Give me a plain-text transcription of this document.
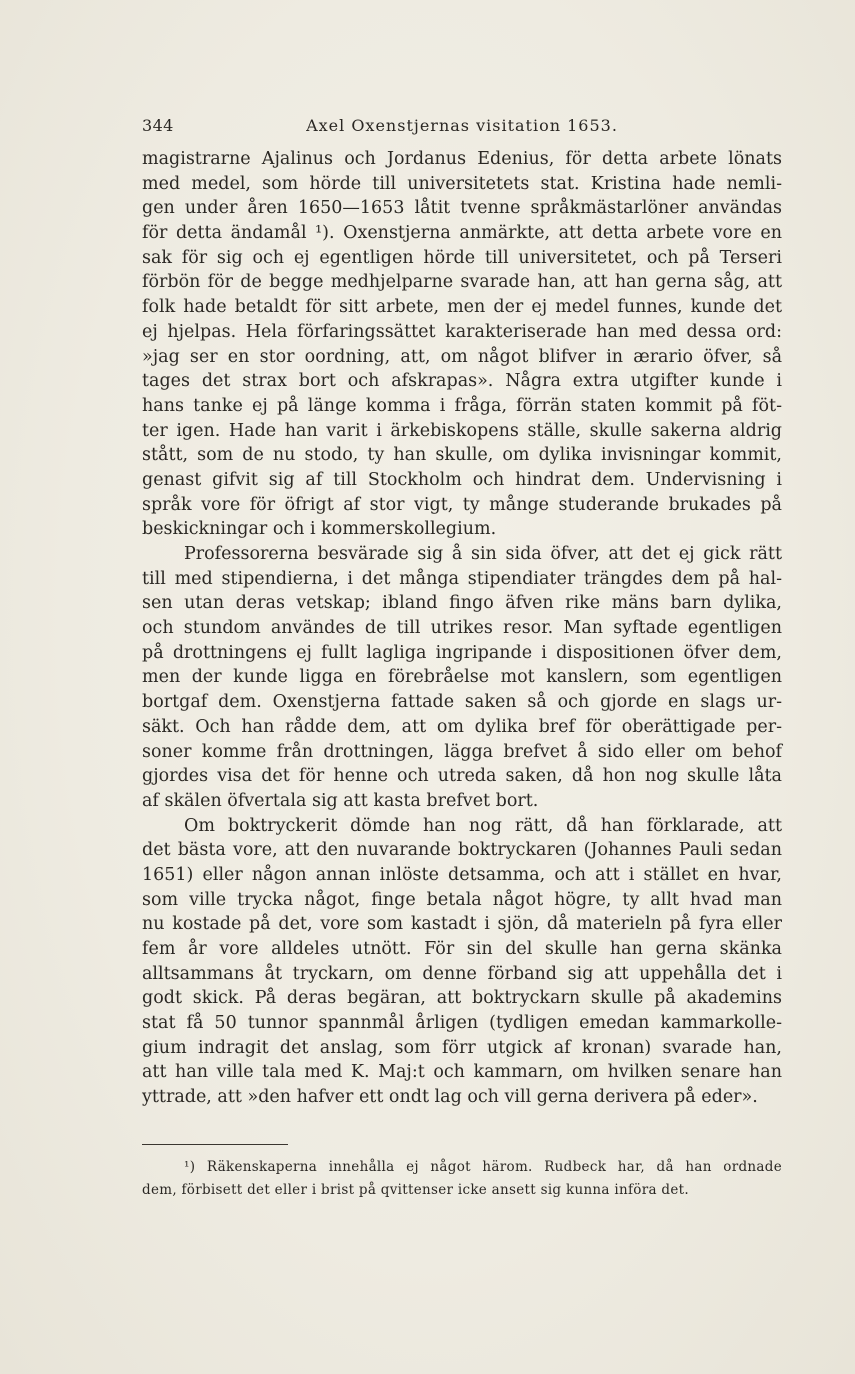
344	Axel Oxenstjernas visitation 1653.
magistrarne Ajalinus och Jordanus Edenius, för detta arbete lönats
med medel, som hörde till universitetets stat. Kristina hade nemli-
gen under åren 1650—1653 låtit tvenne språkmästarlöner användas
för detta ändamål ¹). Oxenstjerna anmärkte, att detta arbete vore en
sak för sig och ej egentligen hörde till universitetet, och på Terseri
förbön för de begge medhjelparne svarade han, att han gerna såg, att
folk hade betaldt för sitt arbete, men der ej medel funnes, kunde det
ej hjelpas. Hela förfaringssättet karakteriserade han med dessa ord:
»jag ser en stor oordning, att, om något blifver in ærario öfver, så
tages det strax bort och afskrapas». Några extra utgifter kunde i
hans tanke ej på länge komma i fråga, förrän staten kommit på föt-
ter igen. Hade han varit i ärkebiskopens ställe, skulle sakerna aldrig
stått, som de nu stodo, ty han skulle, om dylika invisningar kommit,
genast gifvit sig af till Stockholm och hindrat dem. Undervisning i
språk vore för öfrigt af stor vigt, ty månge studerande brukades på
beskickningar och i kommerskollegium.
Professorerna besvärade sig å sin sida öfver, att det ej gick rätt
till med stipendierna, i det många stipendiater trängdes dem på hal-
sen utan deras vetskap; ibland fingo äfven rike mäns barn dylika,
och stundom användes de till utrikes resor. Man syftade egentligen
på drottningens ej fullt lagliga ingripande i dispositionen öfver dem,
men der kunde ligga en förebråelse mot kanslern, som egentligen
bortgaf dem. Oxenstjerna fattade saken så och gjorde en slags ur-
säkt. Och han rådde dem, att om dylika bref för oberättigade per-
soner komme från drottningen, lägga brefvet å sido eller om behof
gjordes visa det för henne och utreda saken, då hon nog skulle låta
af skälen öfvertala sig att kasta brefvet bort.
Om boktryckerit dömde han nog rätt, då han förklarade, att
det bästa vore, att den nuvarande boktryckaren (Johannes Pauli sedan
1651) eller någon annan inlöste detsamma, och att i stället en hvar,
som ville trycka något, finge betala något högre, ty allt hvad man
nu kostade på det, vore som kastadt i sjön, då materieln på fyra eller
fem år vore alldeles utnött. För sin del skulle han gerna skänka
alltsammans åt tryckarn, om denne förband sig att uppehålla det i
godt skick. På deras begäran, att boktryckarn skulle på akademins
stat få 50 tunnor spannmål årligen (tydligen emedan kammarkolle-
gium indragit det anslag, som förr utgick af kronan) svarade han,
att han ville tala med K. Maj:t och kammarn, om hvilken senare han
yttrade, att »den hafver ett ondt lag och vill gerna derivera på eder».
¹) Räkenskaperna innehålla ej något härom. Rudbeck har, då han ordnade
dem, förbisett det eller i brist på qvittenser icke ansett sig kunna införa det.
